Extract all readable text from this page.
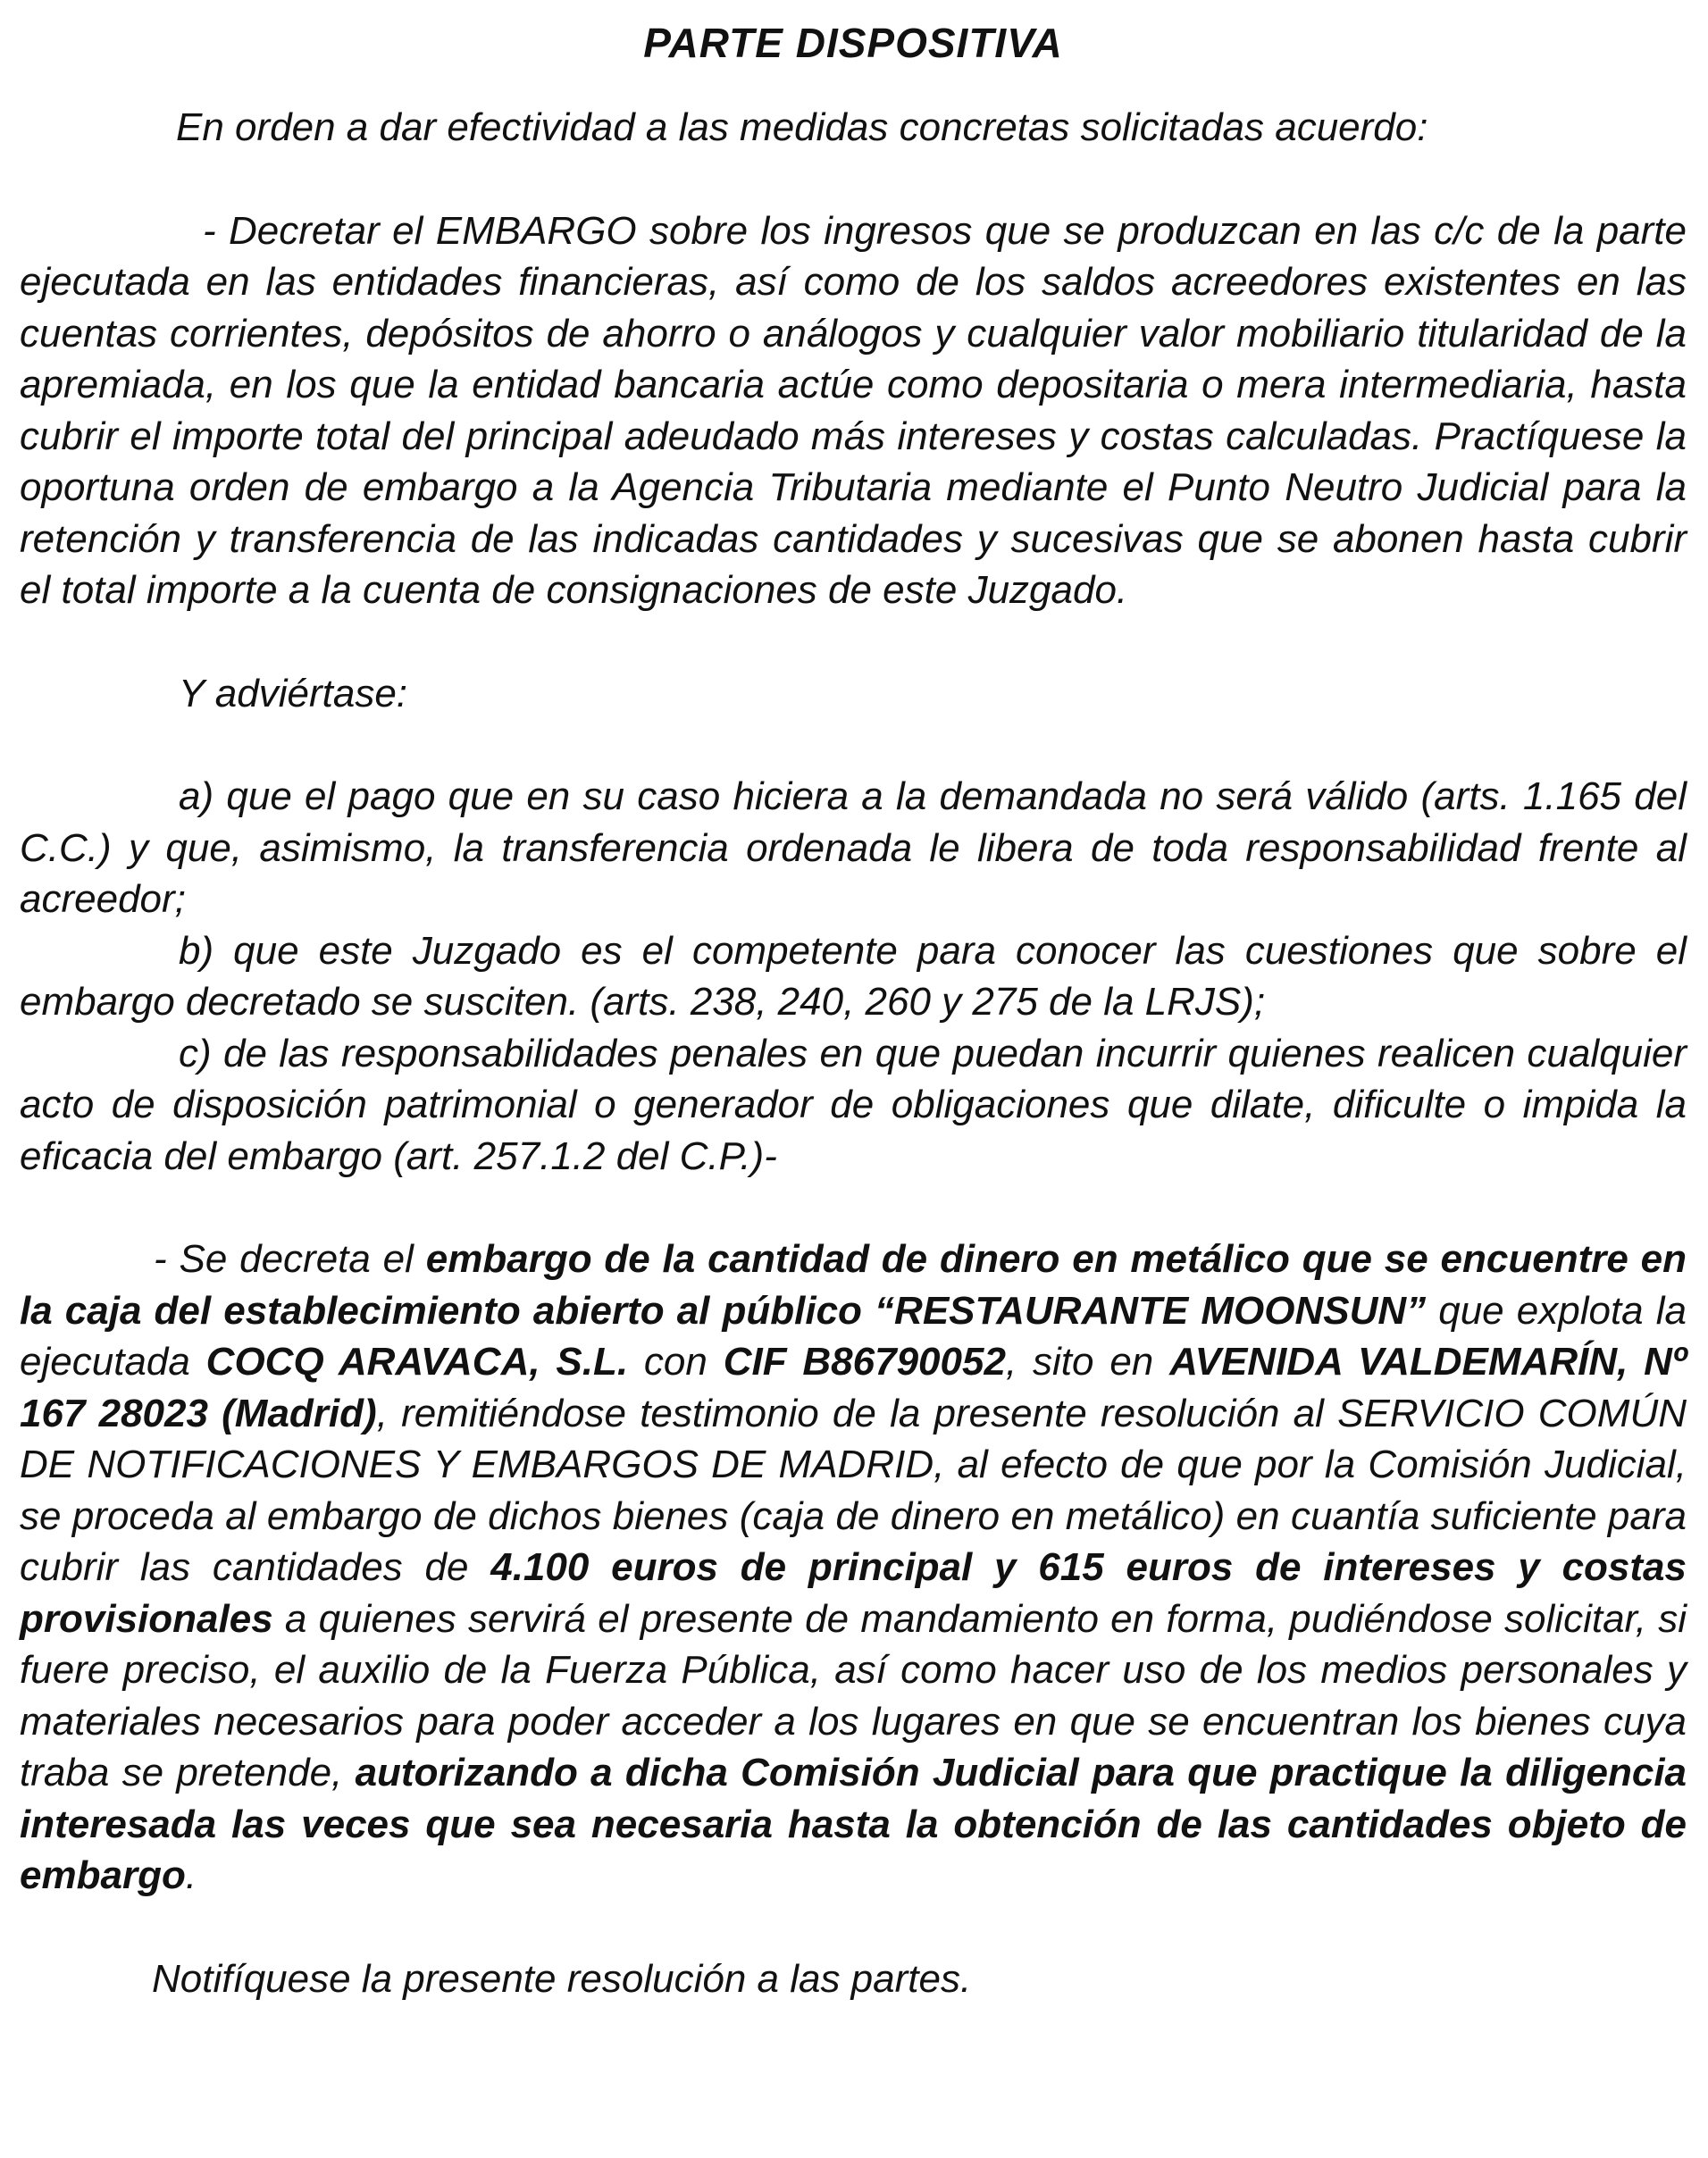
PARTE DISPOSITIVA

En orden a dar efectividad a las medidas concretas solicitadas acuerdo:

- Decretar el EMBARGO sobre los ingresos que se produzcan en las c/c de la parte ejecutada en las entidades financieras, así como de los saldos acreedores existentes en las cuentas corrientes, depósitos de ahorro o análogos y cualquier valor mobiliario titularidad de la apremiada, en los que la entidad bancaria actúe como depositaria o mera intermediaria, hasta cubrir el importe total del principal adeudado más intereses y costas calculadas. Practíquese la oportuna orden de embargo a la Agencia Tributaria mediante el Punto Neutro Judicial para la retención y transferencia de las indicadas cantidades y sucesivas que se abonen hasta cubrir el total importe a la cuenta de consignaciones de este Juzgado.

Y adviértase:

a) que el pago que en su caso hiciera a la demandada no será válido (arts. 1.165 del C.C.) y que, asimismo, la transferencia ordenada le libera de toda responsabilidad frente al acreedor;

b) que este Juzgado es el competente para conocer las cuestiones que sobre el embargo decretado se susciten. (arts. 238, 240, 260 y 275 de la LRJS);

c) de las responsabilidades penales en que puedan incurrir quienes realicen cualquier acto de disposición patrimonial o generador de obligaciones que dilate, dificulte o impida la eficacia del embargo (art. 257.1.2 del C.P.)-

- Se decreta el embargo de la cantidad de dinero en metálico que se encuentre en la caja del establecimiento abierto al público “RESTAURANTE MOONSUN” que explota la ejecutada COCQ ARAVACA, S.L. con CIF B86790052, sito en AVENIDA VALDEMARÍN, Nº 167 28023 (Madrid), remitiéndose testimonio de la presente resolución al SERVICIO COMÚN DE NOTIFICACIONES Y EMBARGOS DE MADRID, al efecto de que por la Comisión Judicial, se proceda al embargo de dichos bienes (caja de dinero en metálico) en cuantía suficiente para cubrir las cantidades de 4.100 euros de principal y 615 euros de intereses y costas provisionales a quienes servirá el presente de mandamiento en forma, pudiéndose solicitar, si fuere preciso, el auxilio de la Fuerza Pública, así como hacer uso de los medios personales y materiales necesarios para poder acceder a los lugares en que se encuentran los bienes cuya traba se pretende, autorizando a dicha Comisión Judicial para que practique la diligencia interesada las veces que sea necesaria hasta la obtención de las cantidades objeto de embargo.

Notifíquese la presente resolución a las partes.
